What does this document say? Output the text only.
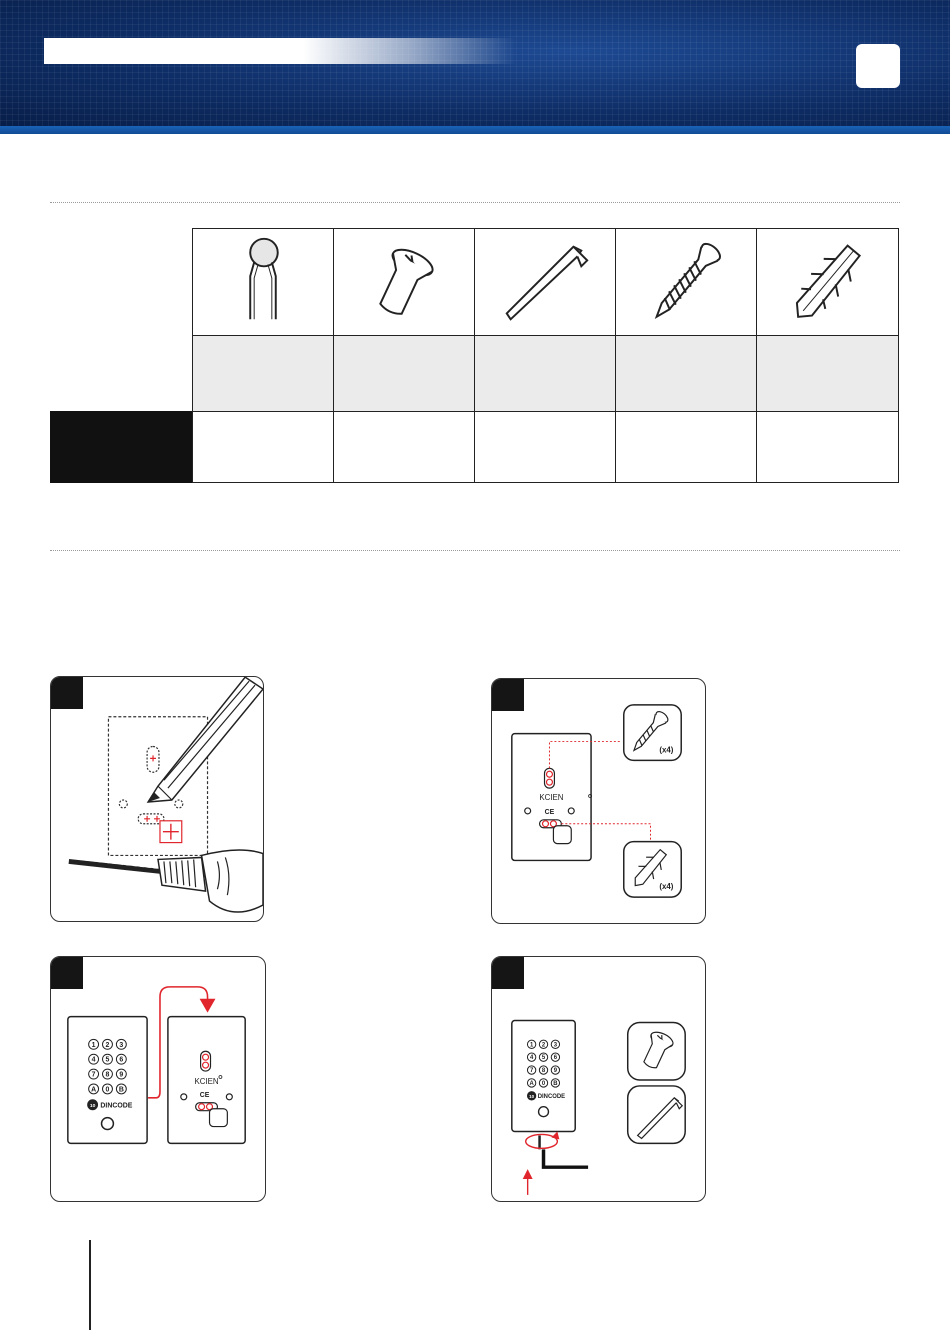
KCIEN
CE
(x4)
(x4)
1 2 3
4 5 6
7 8 9
A 0 B
10 DINCODE
KCIEN
CE
1 2 3
4 5 6
7 8 9
A 0 B
10 DINCODE
